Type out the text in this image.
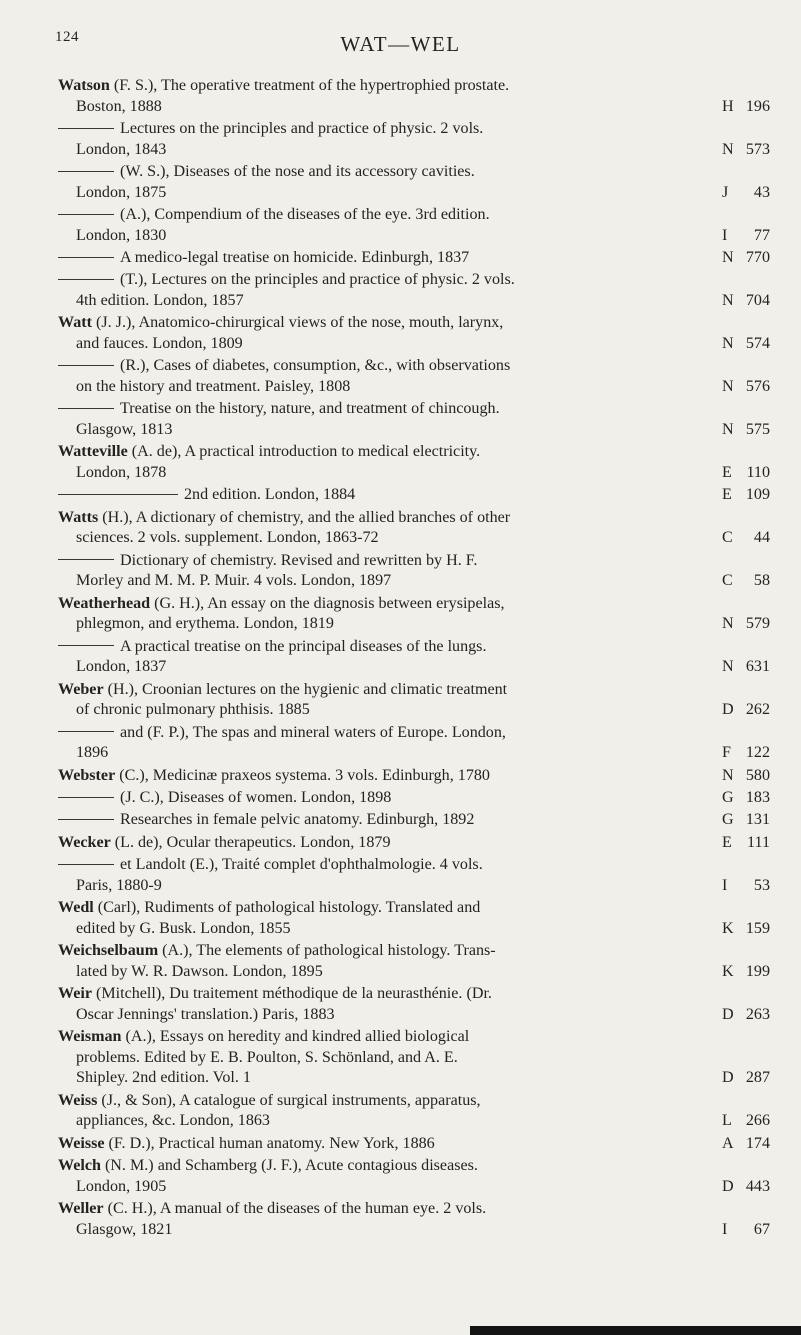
124	WAT—WEL
Watson (F. S.), The operative treatment of the hypertrophied prostate.
Boston, 1888	H 196
Lectures on the principles and practice of physic. 2 vols.
London, 1843	N 573
(W. S.), Diseases of the nose and its accessory cavities.
London, 1875	J	43
(A.), Compendium of the diseases of the eye. 3rd edition.
London, 1830	I	77
A medico-legal treatise on homicide. Edinburgh, 1837	N 770
(T.), Lectures on the principles and practice of physic. 2 vols.
4th edition. London, 1857	N 704
Watt (J. J.), Anatomico-chirurgical views of the nose, mouth, larynx,
and fauces. London, 1809	N 574
(R.), Cases of diabetes, consumption, &c., with observations
on the history and treatment. Paisley, 1808	N 576
Treatise on the history, nature, and treatment of chincough.
Glasgow, 1813	N 575
Watteville (A. de), A practical introduction to medical electricity.
London, 1878	E 110
2nd edition. London, 1884	E 109
Watts (H.), A dictionary of chemistry, and the allied branches of other
sciences. 2 vols. supplement. London, 1863-72	C	44
Dictionary of chemistry. Revised and rewritten by H. F.
Morley and M. M. P. Muir. 4 vols. London, 1897	C	58
Weatherhead (G. H.), An essay on the diagnosis between erysipelas,
phlegmon, and erythema. London, 1819	N 579
A practical treatise on the principal diseases of the lungs.
London, 1837	N 631
Weber (H.), Croonian lectures on the hygienic and climatic treatment
of chronic pulmonary phthisis. 1885	D 262
and (F. P.), The spas and mineral waters of Europe. London,
1896	F 122
Webster (C.), Medicinæ praxeos systema. 3 vols. Edinburgh, 1780	N 580
(J. C.), Diseases of women. London, 1898	G 183
Researches in female pelvic anatomy. Edinburgh, 1892	G 131
Wecker (L. de), Ocular therapeutics. London, 1879	E 111
et Landolt (E.), Traité complet d'ophthalmologie. 4 vols.
Paris, 1880-9	I	53
Wedl (Carl), Rudiments of pathological histology. Translated and
edited by G. Busk. London, 1855	K 159
Weichselbaum (A.), The elements of pathological histology. Trans-
lated by W. R. Dawson. London, 1895	K 199
Weir (Mitchell), Du traitement méthodique de la neurasthénie. (Dr.
Oscar Jennings' translation.) Paris, 1883	D 263
Weisman (A.), Essays on heredity and kindred allied biological
problems. Edited by E. B. Poulton, S. Schönland, and A. E.
Shipley. 2nd edition. Vol. 1	D 287
Weiss (J., & Son), A catalogue of surgical instruments, apparatus,
appliances, &c. London, 1863	L 266
Weisse (F. D.), Practical human anatomy. New York, 1886	A 174
Welch (N. M.) and Schamberg (J. F.), Acute contagious diseases.
London, 1905	D 443
Weller (C. H.), A manual of the diseases of the human eye. 2 vols.
Glasgow, 1821	I	67
